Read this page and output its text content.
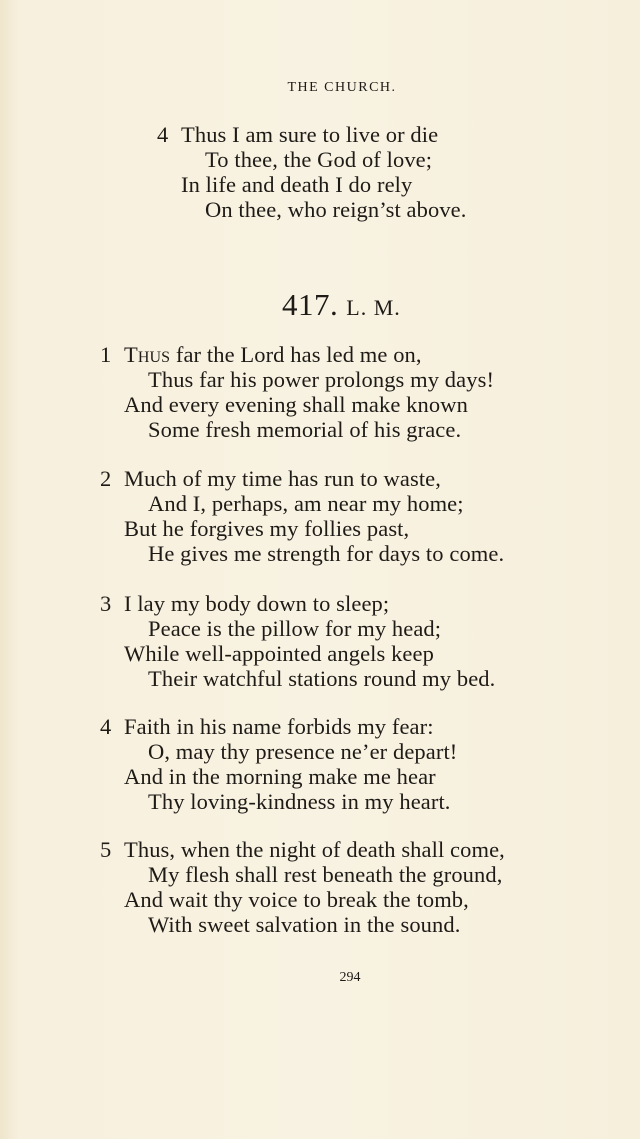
THE CHURCH.
4 Thus I am sure to live or die
To thee, the God of love;
In life and death I do rely
On thee, who reign’st above.
417. L. M.
1 Thus far the Lord has led me on,
Thus far his power prolongs my days!
And every evening shall make known
Some fresh memorial of his grace.
2 Much of my time has run to waste,
And I, perhaps, am near my home;
But he forgives my follies past,
He gives me strength for days to come.
3 I lay my body down to sleep;
Peace is the pillow for my head;
While well-appointed angels keep
Their watchful stations round my bed.
4 Faith in his name forbids my fear:
O, may thy presence ne’er depart!
And in the morning make me hear
Thy loving-kindness in my heart.
5 Thus, when the night of death shall come,
My flesh shall rest beneath the ground,
And wait thy voice to break the tomb,
With sweet salvation in the sound.
294
